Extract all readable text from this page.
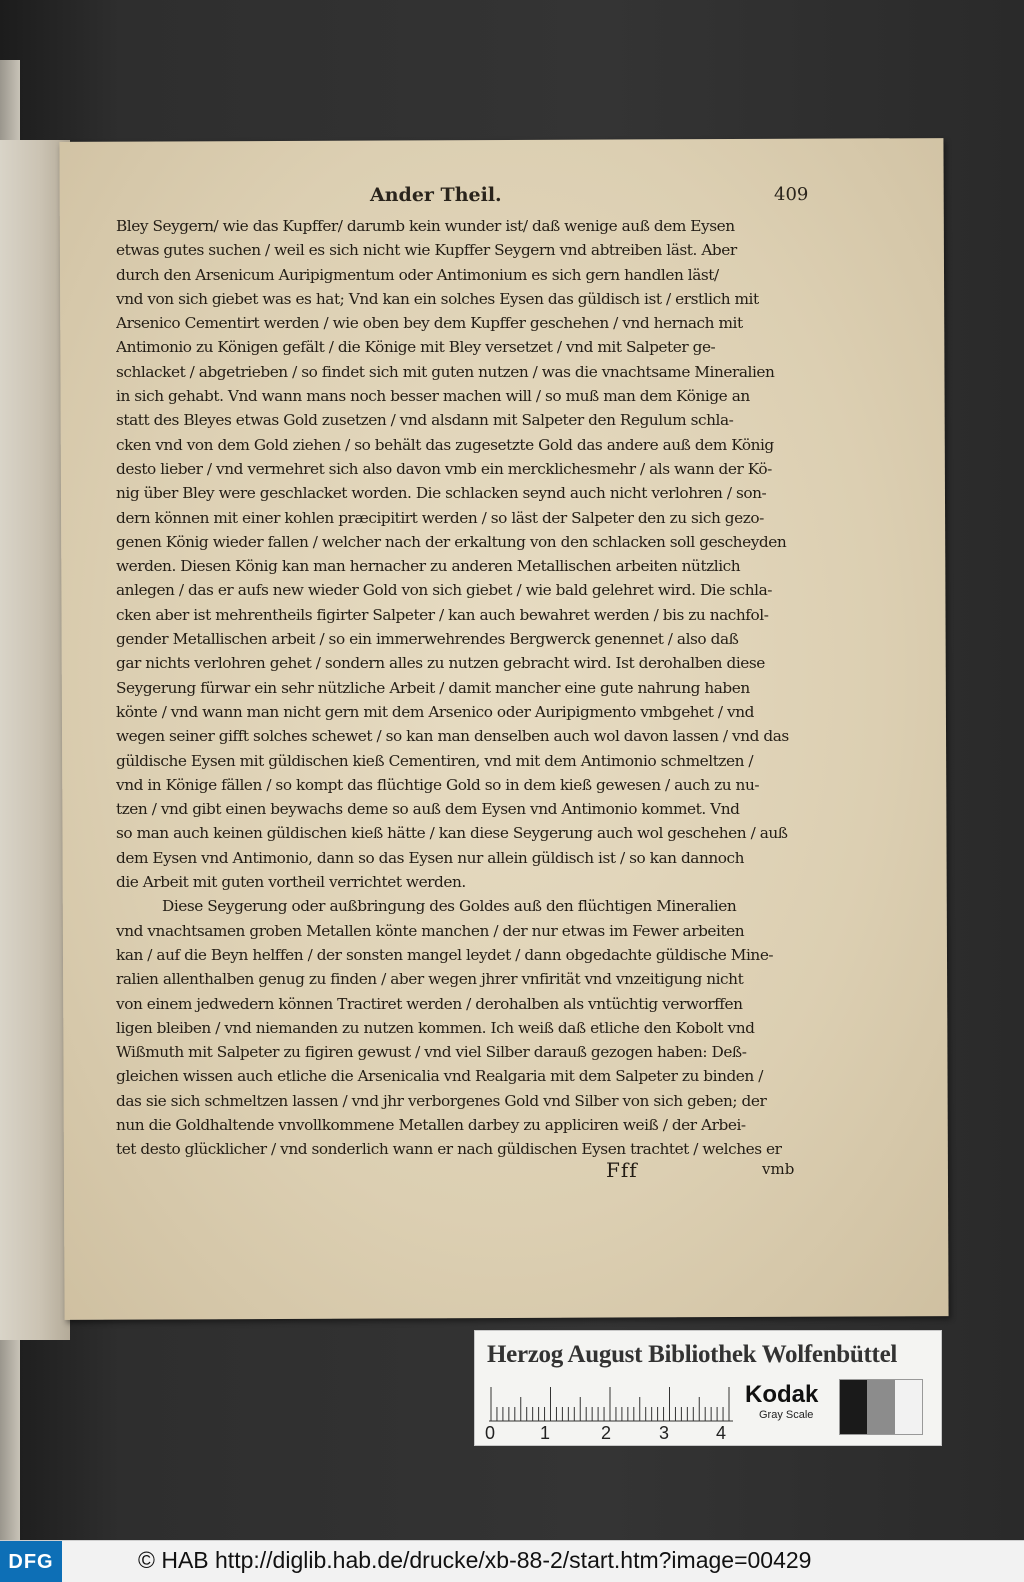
Ander Theil.	409
Bley Seygern/ wie das Kupffer/ darumb kein wunder ist/ daß wenige auß dem Eysen
etwas gutes suchen / weil es sich nicht wie Kupffer Seygern vnd abtreiben läst. Aber
durch den Arsenicum Auripigmentum oder Antimonium es sich gern handlen läst/
vnd von sich giebet was es hat; Vnd kan ein solches Eysen das güldisch ist / erstlich mit
Arsenico Cementirt werden / wie oben bey dem Kupffer geschehen / vnd hernach mit
Antimonio zu Königen gefält / die Könige mit Bley versetzet / vnd mit Salpeter ge-
schlacket / abgetrieben / so findet sich mit guten nutzen / was die vnachtsame Mineralien
in sich gehabt. Vnd wann mans noch besser machen will / so muß man dem Könige an
statt des Bleyes etwas Gold zusetzen / vnd alsdann mit Salpeter den Regulum schla-
cken vnd von dem Gold ziehen / so behält das zugesetzte Gold das andere auß dem König
desto lieber / vnd vermehret sich also davon vmb ein mercklichesmehr / als wann der Kö-
nig über Bley were geschlacket worden. Die schlacken seynd auch nicht verlohren / son-
dern können mit einer kohlen præcipitirt werden / so läst der Salpeter den zu sich gezo-
genen König wieder fallen / welcher nach der erkaltung von den schlacken soll gescheyden
werden. Diesen König kan man hernacher zu anderen Metallischen arbeiten nützlich
anlegen / das er aufs new wieder Gold von sich giebet / wie bald gelehret wird. Die schla-
cken aber ist mehrentheils figirter Salpeter / kan auch bewahret werden / bis zu nachfol-
gender Metallischen arbeit / so ein immerwehrendes Bergwerck genennet / also daß
gar nichts verlohren gehet / sondern alles zu nutzen gebracht wird. Ist derohalben diese
Seygerung fürwar ein sehr nützliche Arbeit / damit mancher eine gute nahrung haben
könte / vnd wann man nicht gern mit dem Arsenico oder Auripigmento vmbgehet / vnd
wegen seiner gifft solches schewet / so kan man denselben auch wol davon lassen / vnd das
güldische Eysen mit güldischen kieß Cementiren, vnd mit dem Antimonio schmeltzen /
vnd in Könige fällen / so kompt das flüchtige Gold so in dem kieß gewesen / auch zu nu-
tzen / vnd gibt einen beywachs deme so auß dem Eysen vnd Antimonio kommet. Vnd
so man auch keinen güldischen kieß hätte / kan diese Seygerung auch wol geschehen / auß
dem Eysen vnd Antimonio, dann so das Eysen nur allein güldisch ist / so kan dannoch
die Arbeit mit guten vortheil verrichtet werden.
Diese Seygerung oder außbringung des Goldes auß den flüchtigen Mineralien
vnd vnachtsamen groben Metallen könte manchen / der nur etwas im Fewer arbeiten
kan / auf die Beyn helffen / der sonsten mangel leydet / dann obgedachte güldische Mine-
ralien allenthalben genug zu finden / aber wegen jhrer vnfirität vnd vnzeitigung nicht
von einem jedwedern können Tractiret werden / derohalben als vntüchtig verworffen
ligen bleiben / vnd niemanden zu nutzen kommen. Ich weiß daß etliche den Kobolt vnd
Wißmuth mit Salpeter zu figiren gewust / vnd viel Silber darauß gezogen haben: Deß-
gleichen wissen auch etliche die Arsenicalia vnd Realgaria mit dem Salpeter zu binden /
das sie sich schmeltzen lassen / vnd jhr verborgenes Gold vnd Silber von sich geben; der
nun die Goldhaltende vnvollkommene Metallen darbey zu appliciren weiß / der Arbei-
tet desto glücklicher / vnd sonderlich wann er nach güldischen Eysen trachtet / welches er
Fff	vmb
Herzog August Bibliothek Wolfenbüttel
0 1	2	3	4
Kodak
Gray Scale
DFG	© HAB http://diglib.hab.de/drucke/xb-88-2/start.htm?image=00429
